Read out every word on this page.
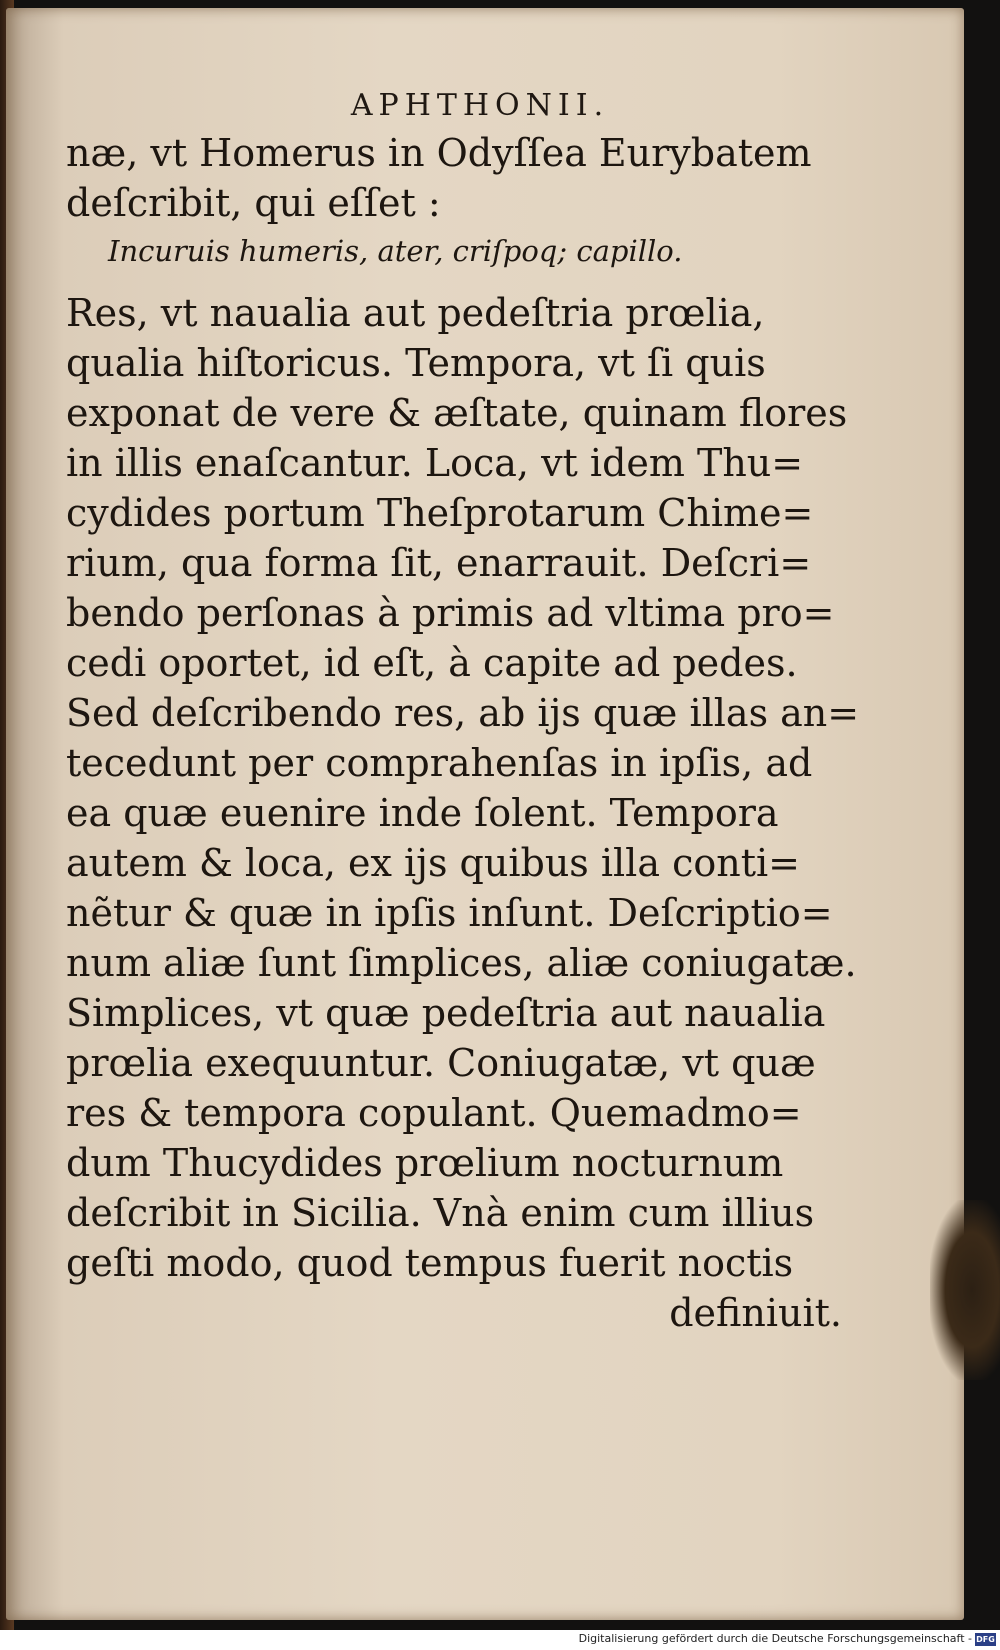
APHTHONII.
næ, vt Homerus in Odyſſea Eurybatem
deſcribit, qui eſſet :
Incuruis humeris, ater, criſpoq; capillo.
Res, vt naualia aut pedeſtria prœlia,
qualia hiſtoricus. Tempora, vt ſi quis
exponat de vere & æſtate, quinam flores
in illis enaſcantur. Loca, vt idem Thu=
cydides portum Theſprotarum Chime=
rium, qua forma ſit, enarrauit. Deſcri=
bendo perſonas à primis ad vltima pro=
cedi oportet, id eſt, à capite ad pedes.
Sed deſcribendo res, ab ijs quæ illas an=
tecedunt per comprahenſas in ipſis, ad
ea quæ euenire inde ſolent. Tempora
autem & loca, ex ijs quibus illa conti=
nẽtur & quæ in ipſis inſunt. Deſcriptio=
num aliæ ſunt ſimplices, aliæ coniugatæ.
Simplices, vt quæ pedeſtria aut naualia
prœlia exequuntur. Coniugatæ, vt quæ
res & tempora copulant. Quemadmo=
dum Thucydides prœlium nocturnum
deſcribit in Sicilia. Vnà enim cum illius
geſti modo, quod tempus fuerit noctis
definiuit.
Digitalisierung gefördert durch die Deutsche Forschungsgemeinschaft - DFG
